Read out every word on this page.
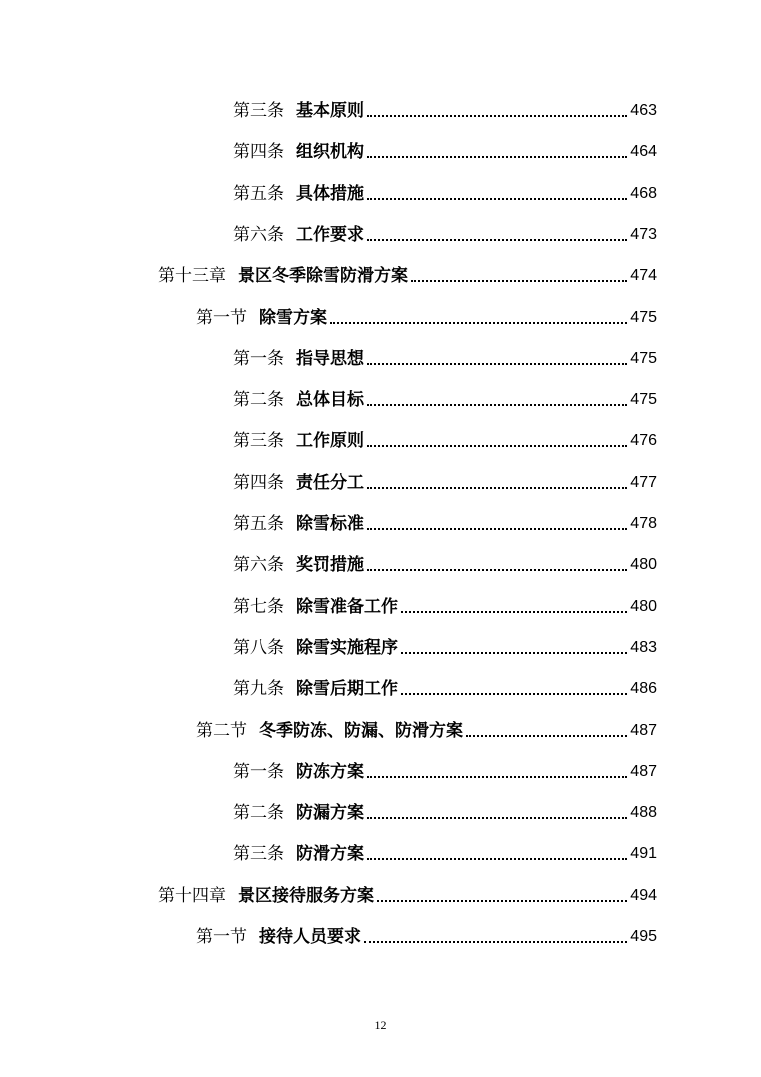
第三条 基本原则	463
第四条 组织机构	464
第五条 具体措施	468
第六条 工作要求	473
第十三章 景区冬季除雪防滑方案	474
第一节 除雪方案	475
第一条 指导思想	475
第二条 总体目标	475
第三条 工作原则	476
第四条 责任分工	477
第五条 除雪标准	478
第六条 奖罚措施	480
第七条 除雪准备工作	480
第八条 除雪实施程序	483
第九条 除雪后期工作	486
第二节 冬季防冻、防漏、防滑方案	487
第一条 防冻方案	487
第二条 防漏方案	488
第三条 防滑方案	491
第十四章 景区接待服务方案	494
第一节 接待人员要求	495
12
